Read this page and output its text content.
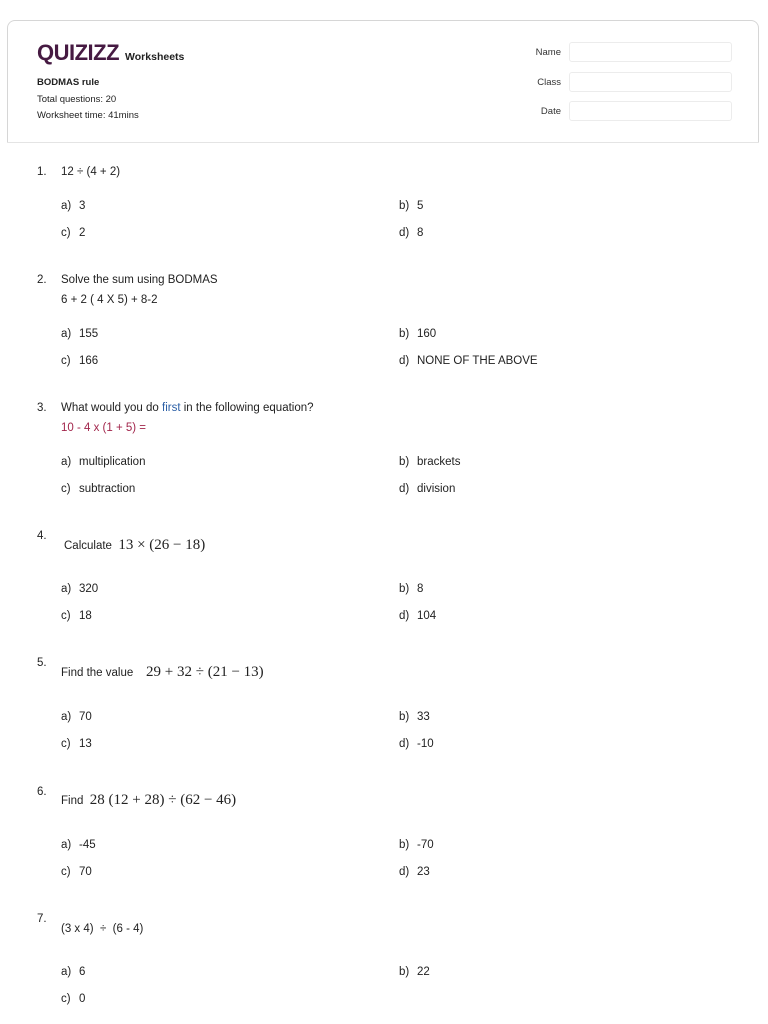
QUIZIZZ Worksheets
BODMAS rule
Total questions: 20
Worksheet time: 41mins
Name
Class
Date
1. 12 ÷ (4 + 2)
a) 3	b) 5
c) 2	d) 8
2. Solve the sum using BODMAS
6 + 2 ( 4 X 5) + 8-2
a) 155	b) 160
c) 166	d) NONE OF THE ABOVE
3. What would you do first in the following equation?
10 - 4 x (1 + 5) =
a) multiplication	b) brackets
c) subtraction	d) division
4.
Calculate 13 × (26 − 18)
a) 320	b) 8
c) 18	d) 104
5.
Find the value 29 + 32 ÷ (21 − 13)
a) 70	b) 33
c) 13	d) -10
6.
Find 28 (12 + 28) ÷ (62 − 46)
a) -45	b) -70
c) 70	d) 23
7.
(3 x 4)  ÷  (6 - 4)
a) 6	b) 22
c) 0
